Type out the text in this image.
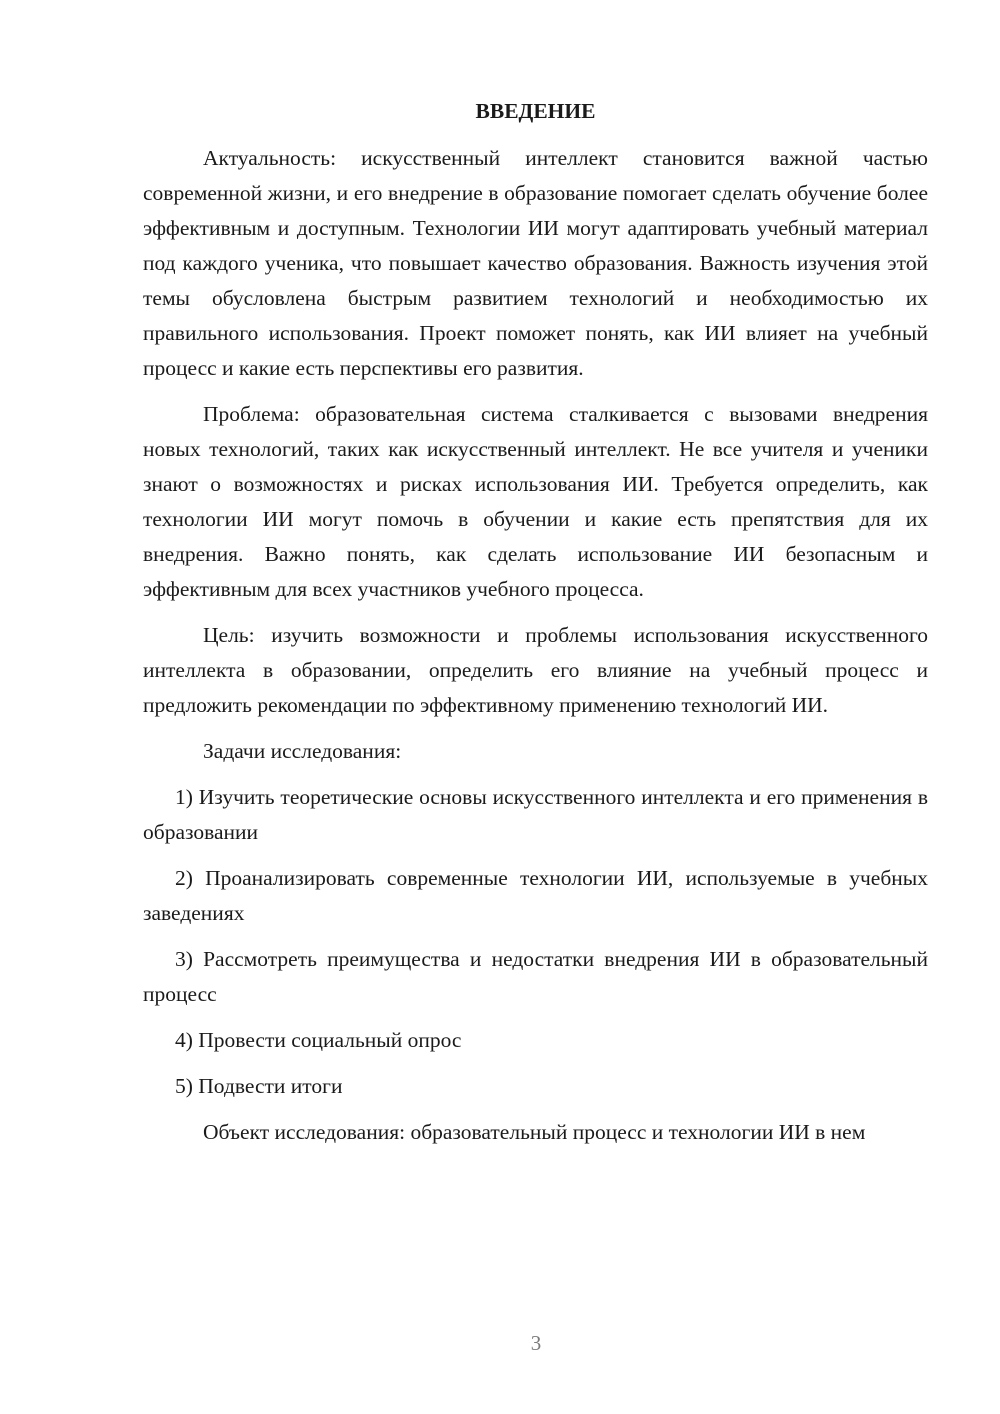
ВВЕДЕНИЕ

Актуальность: искусственный интеллект становится важной частью современной жизни, и его внедрение в образование помогает сделать обучение более эффективным и доступным. Технологии ИИ могут адаптировать учебный материал под каждого ученика, что повышает качество образования. Важность изучения этой темы обусловлена быстрым развитием технологий и необходимостью их правильного использования. Проект поможет понять, как ИИ влияет на учебный процесс и какие есть перспективы его развития.

Проблема: образовательная система сталкивается с вызовами внедрения новых технологий, таких как искусственный интеллект. Не все учителя и ученики знают о возможностях и рисках использования ИИ. Требуется определить, как технологии ИИ могут помочь в обучении и какие есть препятствия для их внедрения. Важно понять, как сделать использование ИИ безопасным и эффективным для всех участников учебного процесса.

Цель: изучить возможности и проблемы использования искусственного интеллекта в образовании, определить его влияние на учебный процесс и предложить рекомендации по эффективному применению технологий ИИ.

Задачи исследования:

1) Изучить теоретические основы искусственного интеллекта и его применения в образовании
2) Проанализировать современные технологии ИИ, используемые в учебных заведениях
3) Рассмотреть преимущества и недостатки внедрения ИИ в образовательный процесс
4) Провести социальный опрос
5) Подвести итоги

Объект исследования: образовательный процесс и технологии ИИ в нем

3
